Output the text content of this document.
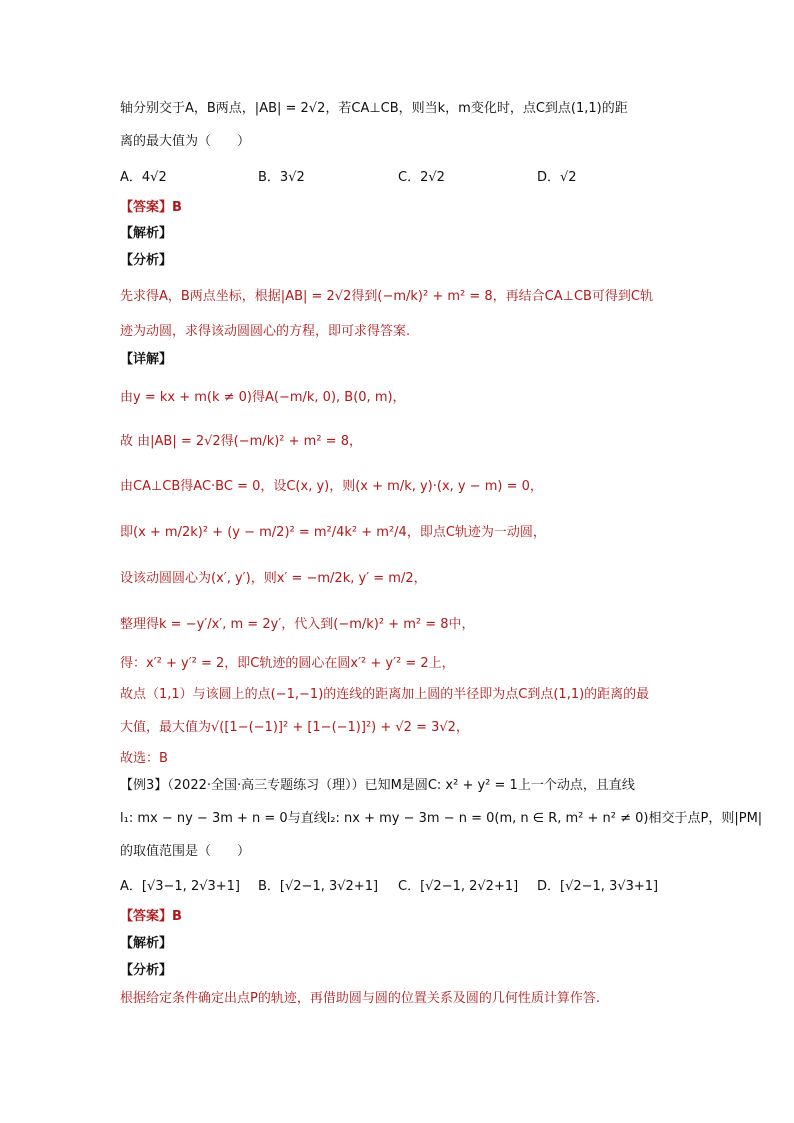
轴分别交于A，B两点，|AB| = 2√2，若CA⊥CB，则当k，m变化时，点C到点(1,1)的距
离的最大值为（　　）
A．4√2	B．3√2	C．2√2	D．√2
【答案】B
【解析】
【分析】
先求得A，B两点坐标，根据|AB| = 2√2得到(−m/k)² + m² = 8，再结合CA⊥CB可得到C轨
迹为动圆，求得该动圆圆心的方程，即可求得答案.
【详解】
由y = kx + m(k ≠ 0)得A(−m/k, 0), B(0, m)，
故 由|AB| = 2√2得(−m/k)² + m² = 8，
由CA⊥CB得AC·BC = 0，设C(x, y)，则(x + m/k, y)·(x, y − m) = 0，
即(x + m/2k)² + (y − m/2)² = m²/4k² + m²/4，即点C轨迹为一动圆，
设该动圆圆心为(x′, y′)，则x′ = −m/2k, y′ = m/2，
整理得k = −y′/x′, m = 2y′，代入到(−m/k)² + m² = 8中，
得：x′² + y′² = 2，即C轨迹的圆心在圆x′² + y′² = 2上，
故点（1,1）与该圆上的点(−1,−1)的连线的距离加上圆的半径即为点C到点(1,1)的距离的最
大值，最大值为√([1−(−1)]² + [1−(−1)]²) + √2 = 3√2，
故选：B
【例3】（2022·全国·高三专题练习（理））已知M是圆C: x² + y² = 1上一个动点，且直线
l₁: mx − ny − 3m + n = 0与直线l₂: nx + my − 3m − n = 0(m, n ∈ R, m² + n² ≠ 0)相交于点P，则|PM|
的取值范围是（　　）
A．[√3−1, 2√3+1] B．[√2−1, 3√2+1] C．[√2−1, 2√2+1] D．[√2−1, 3√3+1]
【答案】B
【解析】
【分析】
根据给定条件确定出点P的轨迹，再借助圆与圆的位置关系及圆的几何性质计算作答.
